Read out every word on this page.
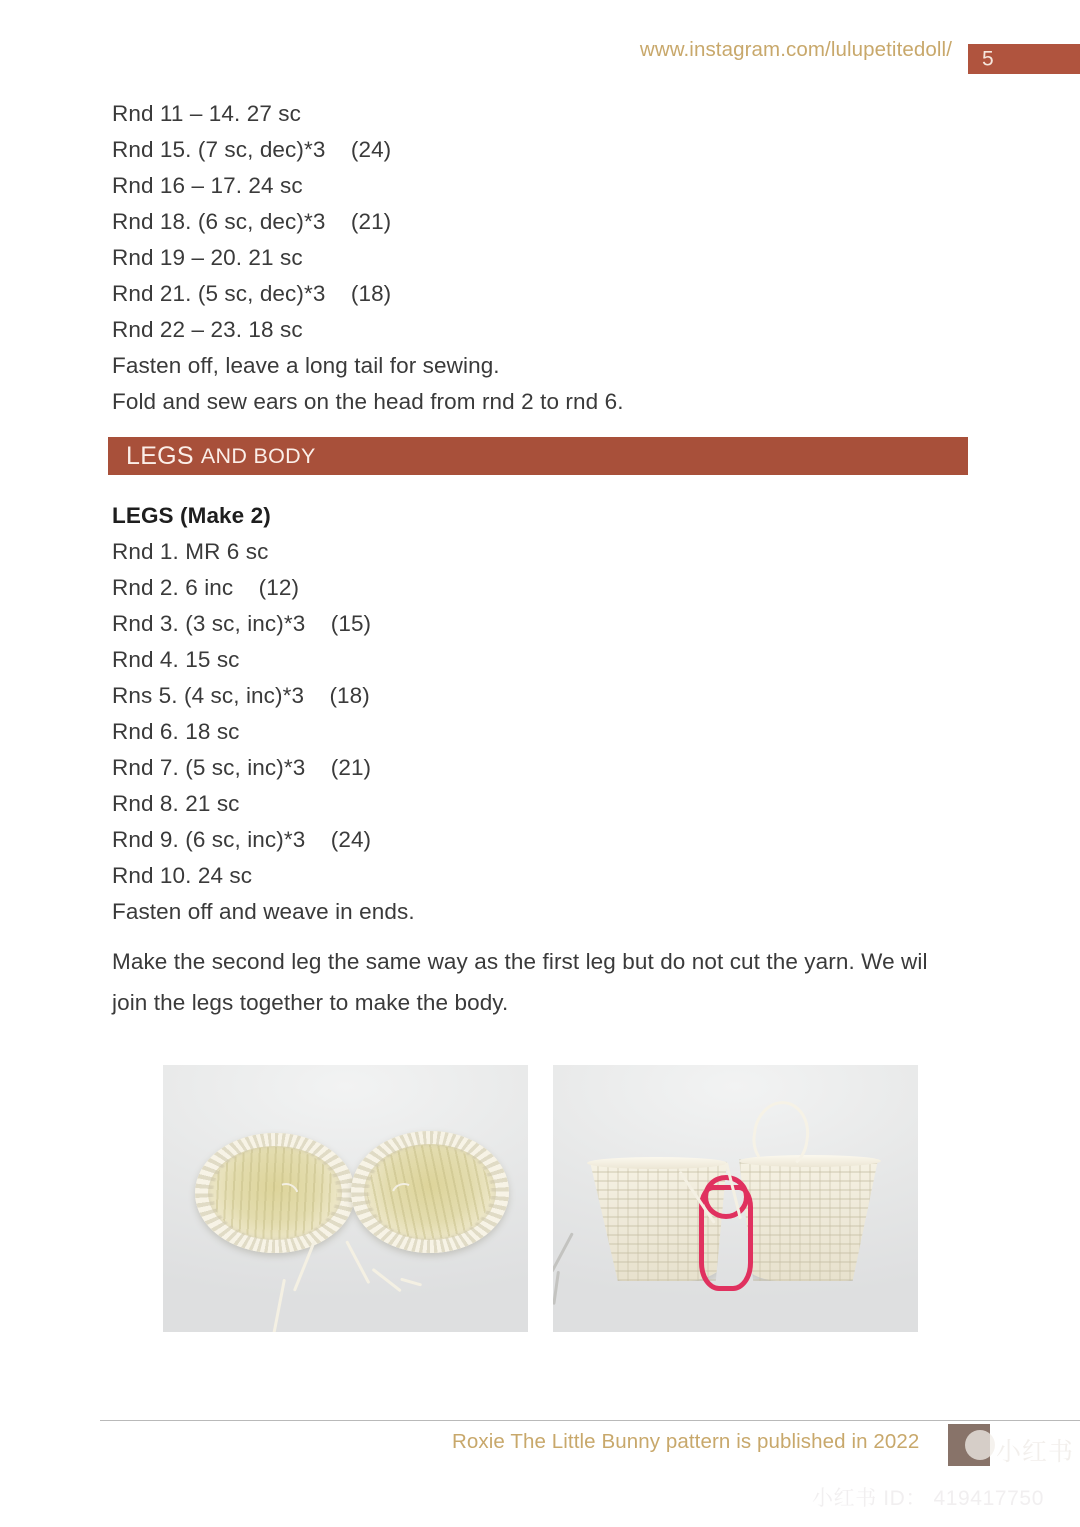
www.instagram.com/lulupetitedoll/ 5
Rnd 11 – 14. 27 sc
Rnd 15. (7 sc, dec)*3    (24)
Rnd 16 – 17. 24 sc
Rnd 18. (6 sc, dec)*3    (21)
Rnd 19 – 20. 21 sc
Rnd 21. (5 sc, dec)*3    (18)
Rnd 22 – 23. 18 sc
Fasten off, leave a long tail for sewing.
Fold and sew ears on the head from rnd 2 to rnd 6.
LEGS AND BODY
LEGS (Make 2)
Rnd 1. MR 6 sc
Rnd 2. 6 inc    (12)
Rnd 3. (3 sc, inc)*3    (15)
Rnd 4. 15 sc
Rns 5. (4 sc, inc)*3    (18)
Rnd 6. 18 sc
Rnd 7. (5 sc, inc)*3    (21)
Rnd 8. 21 sc
Rnd 9. (6 sc, inc)*3    (24)
Rnd 10. 24 sc
Fasten off and weave in ends.
Make the second leg the same way as the first leg but do not cut the yarn. We wil join the legs together to make the body.
Roxie The Little Bunny pattern is published in 2022	小红书
小红书 ID： 419417750
